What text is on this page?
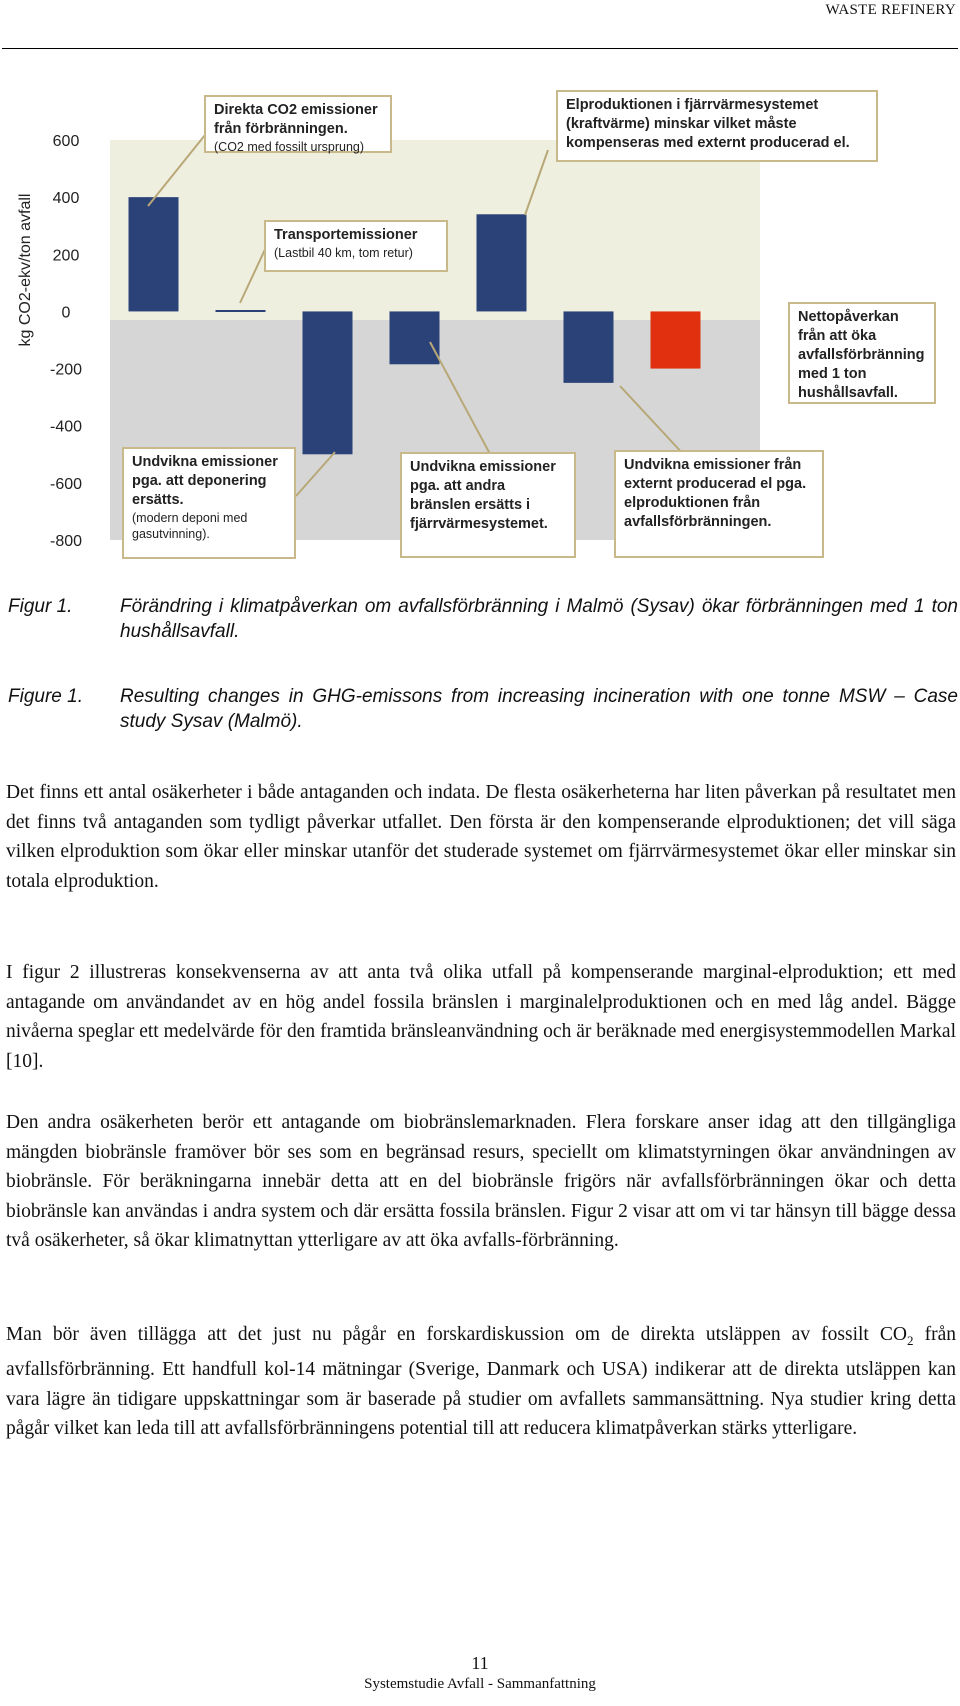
WASTE REFINERY
kg CO2-ekv/ton avfall
600
400
200
0
-200
-400
-600
-800
Direkta CO2 emissioner från förbränningen.
(CO2 med fossilt ursprung)
Transportemissioner
(Lastbil 40 km, tom retur)
Elproduktionen i fjärrvärmesystemet (kraftvärme) minskar vilket måste kompenseras med externt producerad el.
Nettopåverkan från att öka avfallsförbränning med 1 ton hushållsavfall.
Undvikna emissioner pga. att deponering ersätts.
(modern deponi med gasutvinning).
Undvikna emissioner pga. att andra bränslen ersätts i fjärrvärmesystemet.
Undvikna emissioner från externt producerad el pga. elproduktionen från avfallsförbränningen.
Figur 1.	Förändring i klimatpåverkan om avfallsförbränning i Malmö (Sysav) ökar förbränningen med 1 ton hushållsavfall.
Figure 1. Resulting changes in GHG-emissons from increasing incineration with one tonne MSW – Case study Sysav (Malmö).

Det finns ett antal osäkerheter i både antaganden och indata. De flesta osäkerheterna har liten påverkan på resultatet men det finns två antaganden som tydligt påverkar utfallet. Den första är den kompenserande elproduktionen; det vill säga vilken elproduktion som ökar eller minskar utanför det studerade systemet om fjärrvärmesystemet ökar eller minskar sin totala elproduktion.

I figur 2 illustreras konsekvenserna av att anta två olika utfall på kompenserande marginal-elproduktion; ett med antagande om användandet av en hög andel fossila bränslen i marginalelproduktionen och en med låg andel. Bägge nivåerna speglar ett medelvärde för den framtida bränsleanvändning och är beräknade med energisystemmodellen Markal [10].

Den andra osäkerheten berör ett antagande om biobränslemarknaden. Flera forskare anser idag att den tillgängliga mängden biobränsle framöver bör ses som en begränsad resurs, speciellt om klimatstyrningen ökar användningen av biobränsle. För beräkningarna innebär detta att en del biobränsle frigörs när avfallsförbränningen ökar och detta biobränsle kan användas i andra system och där ersätta fossila bränslen. Figur 2 visar att om vi tar hänsyn till bägge dessa två osäkerheter, så ökar klimatnyttan ytterligare av att öka avfalls-förbränning.

Man bör även tillägga att det just nu pågår en forskardiskussion om de direkta utsläppen av fossilt $CO_2$ från avfallsförbränning. Ett handfull kol-14 mätningar (Sverige, Danmark och USA) indikerar att de direkta utsläppen kan vara lägre än tidigare uppskattningar som är baserade på studier om avfallets sammansättning. Nya studier kring detta pågår vilket kan leda till att avfallsförbränningens potential till att reducera klimatpåverkan stärks ytterligare.

11
Systemstudie Avfall - Sammanfattning
